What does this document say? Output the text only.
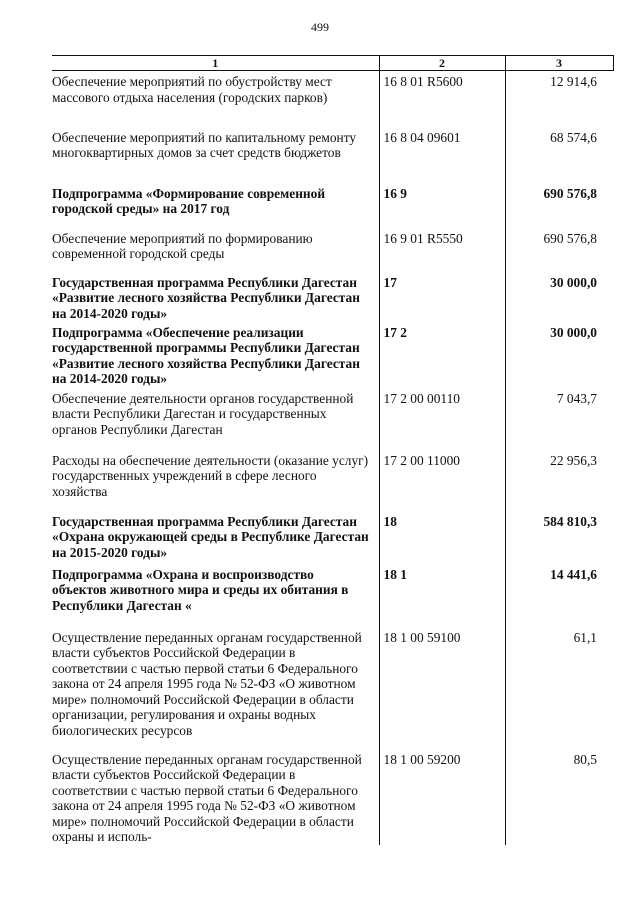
499
1	2	3

Обеспечение мероприятий по обустройству мест массового отдыха населения (городских парков)	16 8 01 R5600	12 914,6

Обеспечение мероприятий по капитальному ремонту многоквартирных домов за счет средств бюджетов	16 8 04 09601	68 574,6

Подпрограмма «Формирование современной городской среды» на 2017 год	16 9	690 576,8

Обеспечение мероприятий по формированию современной городской среды	16 9 01 R5550	690 576,8

Государственная программа Республики Дагестан «Развитие лесного хозяйства Республики Дагестан на 2014-2020 годы»	17	30 000,0

Подпрограмма «Обеспечение реализации государственной программы Республики Дагестан «Развитие лесного хозяйства Республики Дагестан на 2014-2020 годы»	17 2	30 000,0

Обеспечение деятельности органов государственной власти Республики Дагестан и государственных органов Республики Дагестан	17 2 00 00110	7 043,7

Расходы на обеспечение деятельности (оказание услуг) государственных учреждений в сфере лесного хозяйства	17 2 00 11000	22 956,3

Государственная программа Республики Дагестан «Охрана окружающей среды в Республике Дагестан на 2015-2020 годы»	18	584 810,3

Подпрограмма «Охрана и воспроизводство объектов животного мира и среды их обитания в Республики Дагестан «	18 1	14 441,6

Осуществление переданных органам государственной власти субъектов Российской Федерации в соответствии с частью первой статьи 6 Федерального закона от 24 апреля 1995 года № 52-ФЗ «О животном мире» полномочий Российской Федерации в области организации, регулирования и охраны водных биологических ресурсов	18 1 00 59100	61,1

Осуществление переданных органам государственной власти субъектов Российской Федерации в соответствии с частью первой статьи 6 Федерального закона от 24 апреля 1995 года № 52-ФЗ «О животном мире» полномочий Российской Федерации в области охраны и исполь-	18 1 00 59200	80,5
